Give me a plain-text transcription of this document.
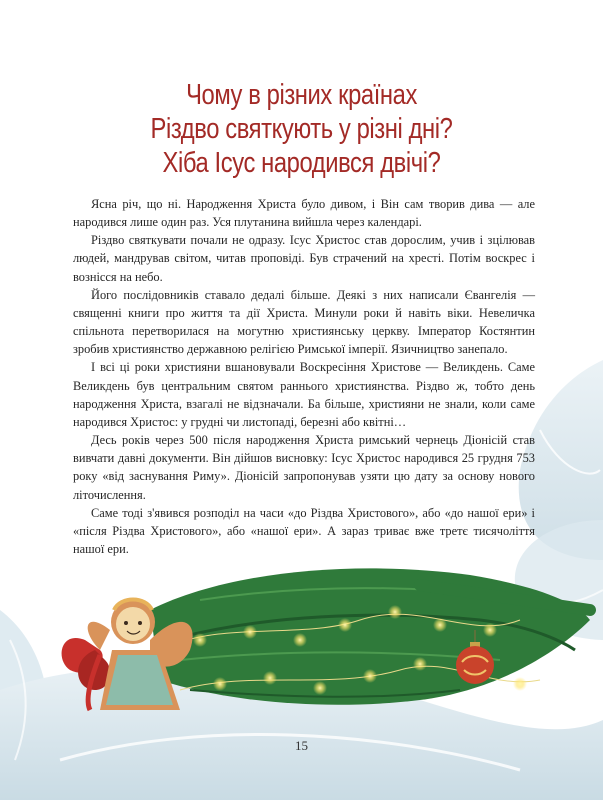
Чому в різних країнах
Різдво святкують у різні дні?
Хіба Ісус народився двічі?

Ясна річ, що ні. Народження Христа було дивом, і Він сам творив дива — але народився лише один раз. Уся плутанина вийшла через календарі.

Різдво святкувати почали не одразу. Ісус Христос став дорослим, учив і зцілював людей, мандрував світом, читав проповіді. Був страчений на хресті. Потім воскрес і вознісся на небо.

Його послідовників ставало дедалі більше. Деякі з них написали Євангелія — священні книги про життя та дії Христа. Минули роки й навіть віки. Невеличка спільнота перетворилася на могутню християнську церкву. Імператор Костянтин зробив християнство державною релігією Римської імперії. Язичництво занепало.

І всі ці роки християни вшановували Воскресіння Христове — Великдень. Саме Великдень був центральним святом раннього християнства. Різдво ж, тобто день народження Христа, взагалі не відзначали. Ба більше, християни не знали, коли саме народився Христос: у грудні чи листопаді, березні або квітні…

Десь років через 500 після народження Христа римський чернець Діонісій став вивчати давні документи. Він дійшов висновку: Ісус Христос народився 25 грудня 753 року «від заснування Риму». Діонісій запропонував узяти цю дату за основу нового літочислення.

Саме тоді з'явився розподіл на часи «до Різдва Христового», або «до нашої ери» і «після Різдва Христового», або «нашої ери». А зараз триває вже третє тисячоліття нашої ери.

15
